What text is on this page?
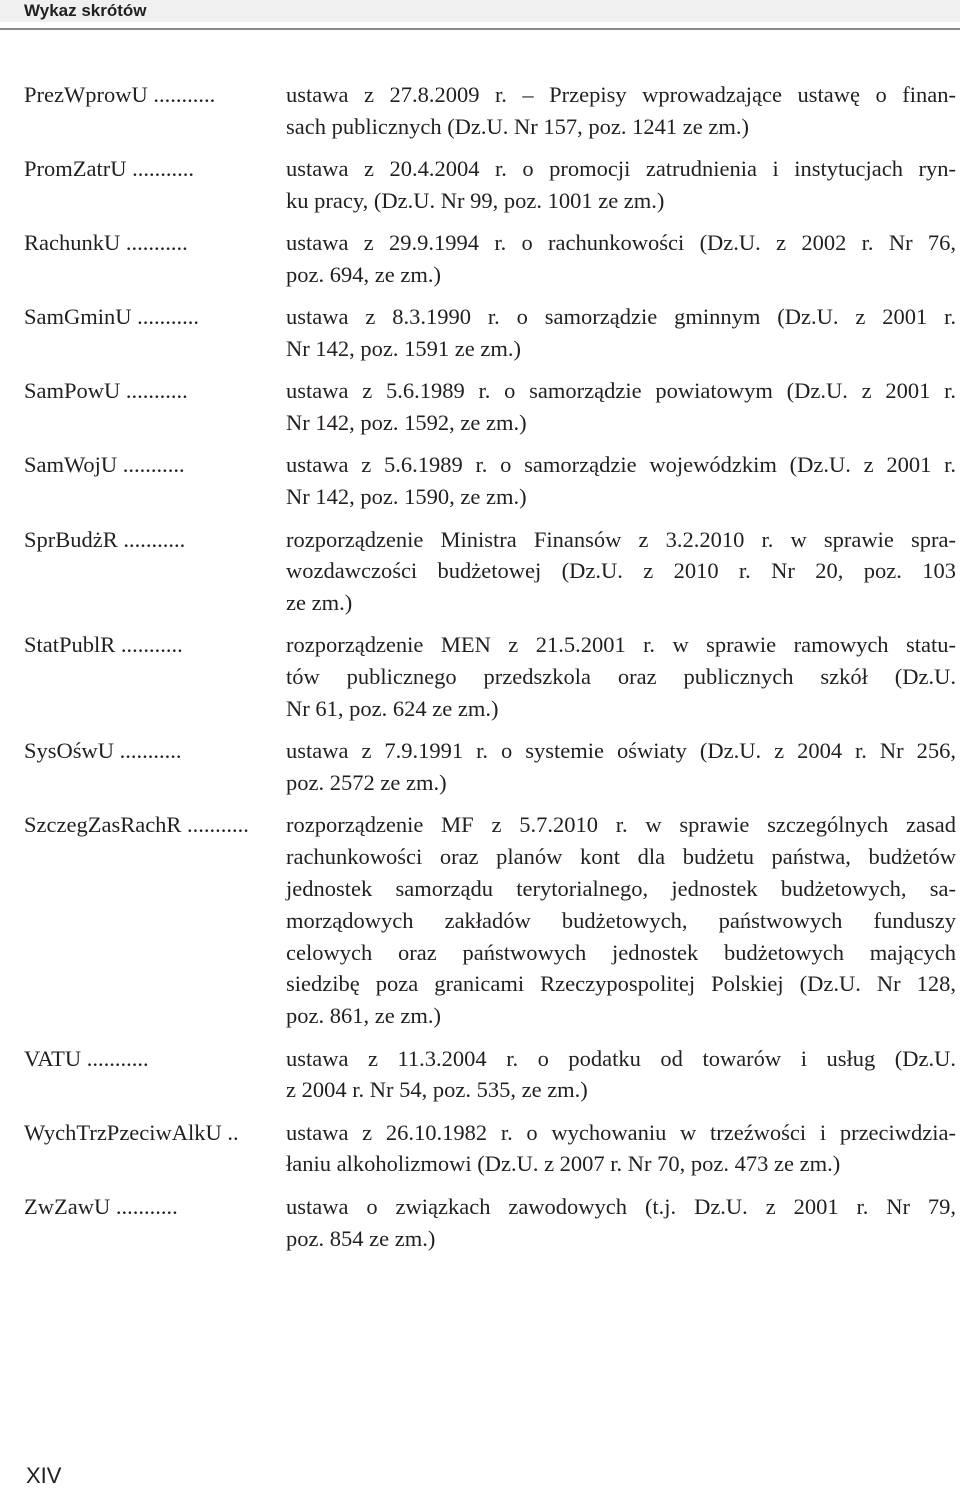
Wykaz skrótów
PrezWprowU ...........	ustawa z 27.8.2009 r. – Przepisy wprowadzające ustawę o finan-
sach publicznych (Dz.U. Nr 157, poz. 1241 ze zm.)
PromZatrU ...........	ustawa z 20.4.2004 r. o promocji zatrudnienia i instytucjach ryn-
ku pracy, (Dz.U. Nr 99, poz. 1001 ze zm.)
RachunkU ...........	ustawa z 29.9.1994 r. o rachunkowości (Dz.U. z 2002 r. Nr 76,
poz. 694, ze zm.)
SamGminU ...........	ustawa z 8.3.1990 r. o samorządzie gminnym (Dz.U. z 2001 r.
Nr 142, poz. 1591 ze zm.)
SamPowU ...........	ustawa z 5.6.1989 r. o samorządzie powiatowym (Dz.U. z 2001 r.
Nr 142, poz. 1592, ze zm.)
SamWojU ...........	ustawa z 5.6.1989 r. o samorządzie wojewódzkim (Dz.U. z 2001 r.
Nr 142, poz. 1590, ze zm.)
SprBudżR ...........	rozporządzenie Ministra Finansów z 3.2.2010 r. w sprawie spra-
wozdawczości budżetowej (Dz.U. z 2010 r. Nr 20, poz. 103
ze zm.)
StatPublR ...........	rozporządzenie MEN z 21.5.2001 r. w sprawie ramowych statu-
tów publicznego przedszkola oraz publicznych szkół (Dz.U.
Nr 61, poz. 624 ze zm.)
SysOśwU ...........	ustawa z 7.9.1991 r. o systemie oświaty (Dz.U. z 2004 r. Nr 256,
poz. 2572 ze zm.)
SzczegZasRachR ...........	rozporządzenie MF z 5.7.2010 r. w sprawie szczególnych zasad
rachunkowości oraz planów kont dla budżetu państwa, budżetów
jednostek samorządu terytorialnego, jednostek budżetowych, sa-
morządowych zakładów budżetowych, państwowych funduszy
celowych oraz państwowych jednostek budżetowych mających
siedzibę poza granicami Rzeczypospolitej Polskiej (Dz.U. Nr 128,
poz. 861, ze zm.)
VATU ...........	ustawa z 11.3.2004 r. o podatku od towarów i usług (Dz.U.
z 2004 r. Nr 54, poz. 535, ze zm.)
WychTrzPzeciwAlkU ..	ustawa z 26.10.1982 r. o wychowaniu w trzeźwości i przeciwdzia-
łaniu alkoholizmowi (Dz.U. z 2007 r. Nr 70, poz. 473 ze zm.)
ZwZawU ...........	ustawa o związkach zawodowych (t.j. Dz.U. z 2001 r. Nr 79,
poz. 854 ze zm.)
XIV
